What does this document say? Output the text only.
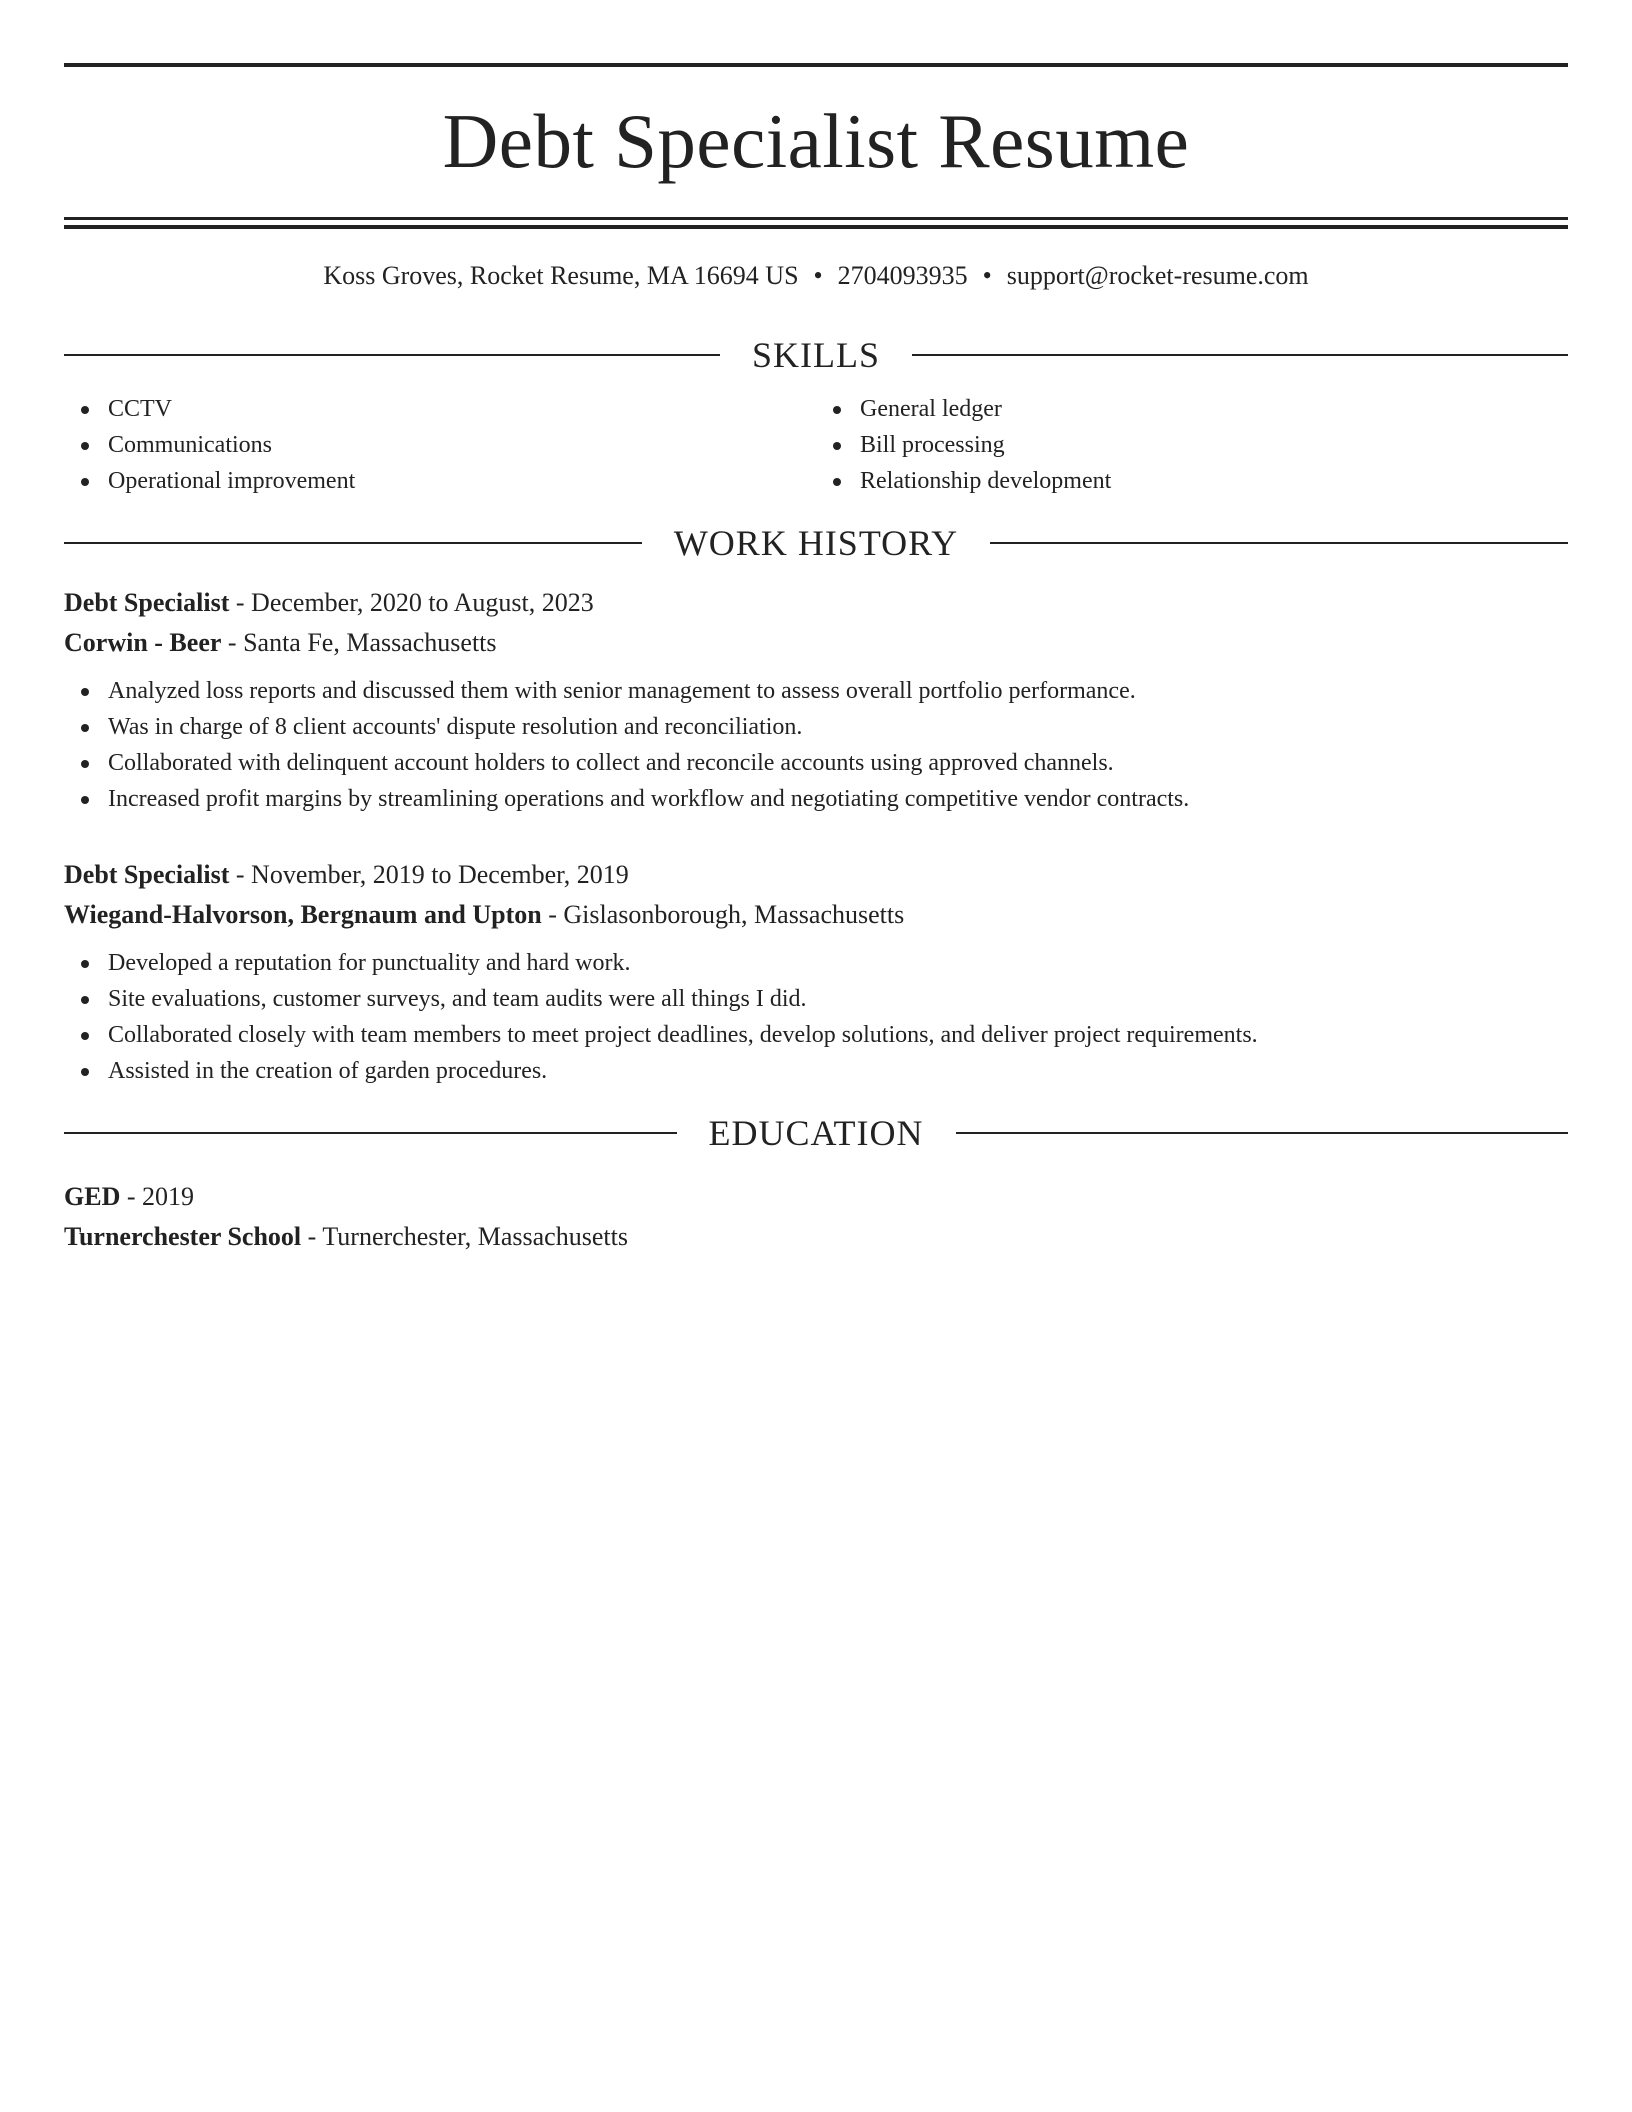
Debt Specialist Resume
Koss Groves, Rocket Resume, MA 16694 US • 2704093935 • support@rocket-resume.com
SKILLS
CCTV
Communications
Operational improvement
General ledger
Bill processing
Relationship development
WORK HISTORY
Debt Specialist - December, 2020 to August, 2023
Corwin - Beer - Santa Fe, Massachusetts
Analyzed loss reports and discussed them with senior management to assess overall portfolio performance.
Was in charge of 8 client accounts' dispute resolution and reconciliation.
Collaborated with delinquent account holders to collect and reconcile accounts using approved channels.
Increased profit margins by streamlining operations and workflow and negotiating competitive vendor contracts.
Debt Specialist - November, 2019 to December, 2019
Wiegand-Halvorson, Bergnaum and Upton - Gislasonborough, Massachusetts
Developed a reputation for punctuality and hard work.
Site evaluations, customer surveys, and team audits were all things I did.
Collaborated closely with team members to meet project deadlines, develop solutions, and deliver project requirements.
Assisted in the creation of garden procedures.
EDUCATION
GED - 2019
Turnerchester School - Turnerchester, Massachusetts
